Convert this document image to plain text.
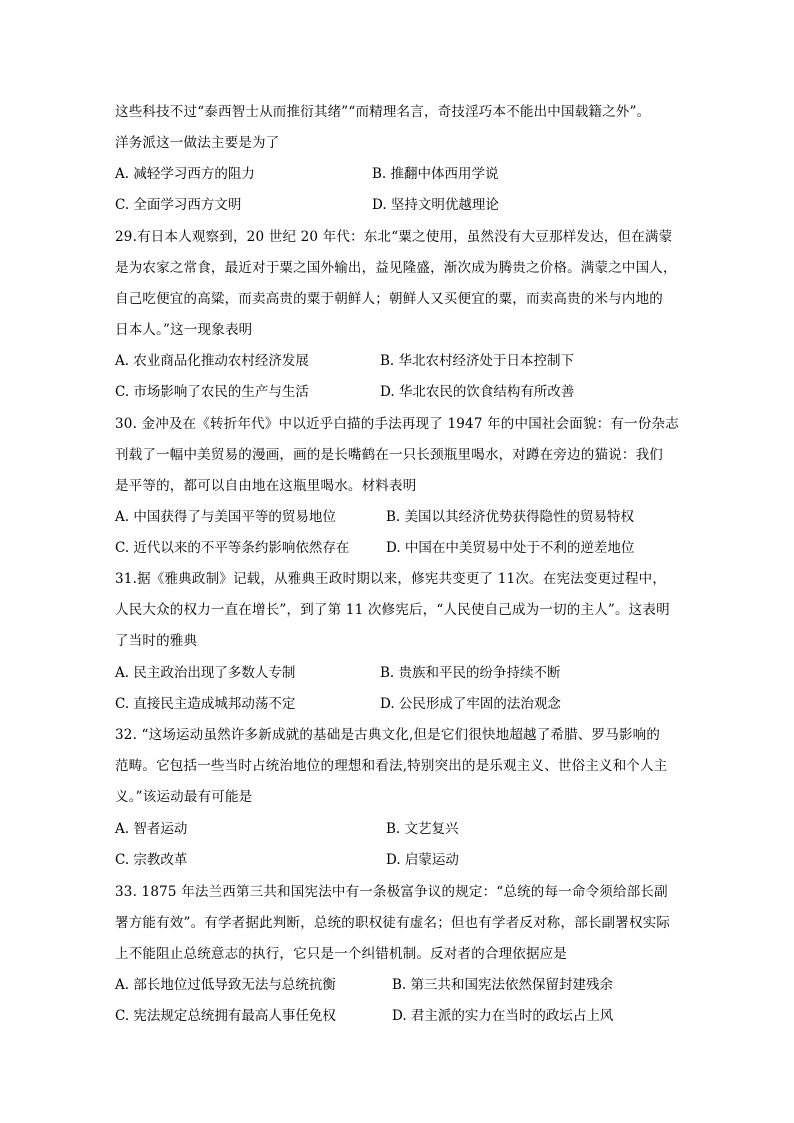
这些科技不过“泰西智士从而推衍其绪”“而精理名言，奇技淫巧本不能出中国载籍之外”。
洋务派这一做法主要是为了
A. 减轻学习西方的阻力	B. 推翻中体西用学说
C. 全面学习西方文明	D. 坚持文明优越理论
29.有日本人观察到，20 世纪 20 年代：东北“粟之使用，虽然没有大豆那样发达，但在满蒙
是为农家之常食，最近对于粟之国外输出，益见隆盛，渐次成为腾贵之价格。满蒙之中国人，
自己吃便宜的高粱，而卖高贵的粟于朝鲜人；朝鲜人又买便宜的粟，而卖高贵的米与内地的
日本人。”这一现象表明
A. 农业商品化推动农村经济发展	B. 华北农村经济处于日本控制下
C. 市场影响了农民的生产与生活	D. 华北农民的饮食结构有所改善
30. 金冲及在《转折年代》中以近乎白描的手法再现了 1947 年的中国社会面貌：有一份杂志
刊载了一幅中美贸易的漫画，画的是长嘴鹤在一只长颈瓶里喝水，对蹲在旁边的猫说：我们
是平等的，都可以自由地在这瓶里喝水。材料表明
A. 中国获得了与美国平等的贸易地位	B. 美国以其经济优势获得隐性的贸易特权
C. 近代以来的不平等条约影响依然存在	D. 中国在中美贸易中处于不利的逆差地位
31.据《雅典政制》记载，从雅典王政时期以来，修宪共变更了 11次。在宪法变更过程中，
人民大众的权力一直在增长”，到了第 11 次修宪后，“人民使自己成为一切的主人”。这表明
了当时的雅典
A. 民主政治出现了多数人专制	B. 贵族和平民的纷争持续不断
C. 直接民主造成城邦动荡不定	D. 公民形成了牢固的法治观念
32. “这场运动虽然许多新成就的基础是古典文化,但是它们很快地超越了希腊、罗马影响的
范畴。它包括一些当时占统治地位的理想和看法,特别突出的是乐观主义、世俗主义和个人主
义。”该运动最有可能是
A. 智者运动	B. 文艺复兴
C. 宗教改革	D. 启蒙运动
33. 1875 年法兰西第三共和国宪法中有一条极富争议的规定：“总统的每一命令须给部长副
署方能有效”。有学者据此判断，总统的职权徒有虚名；但也有学者反对称，部长副署权实际
上不能阻止总统意志的执行，它只是一个纠错机制。反对者的合理依据应是
A. 部长地位过低导致无法与总统抗衡	B. 第三共和国宪法依然保留封建残余
C. 宪法规定总统拥有最高人事任免权	D. 君主派的实力在当时的政坛占上风
